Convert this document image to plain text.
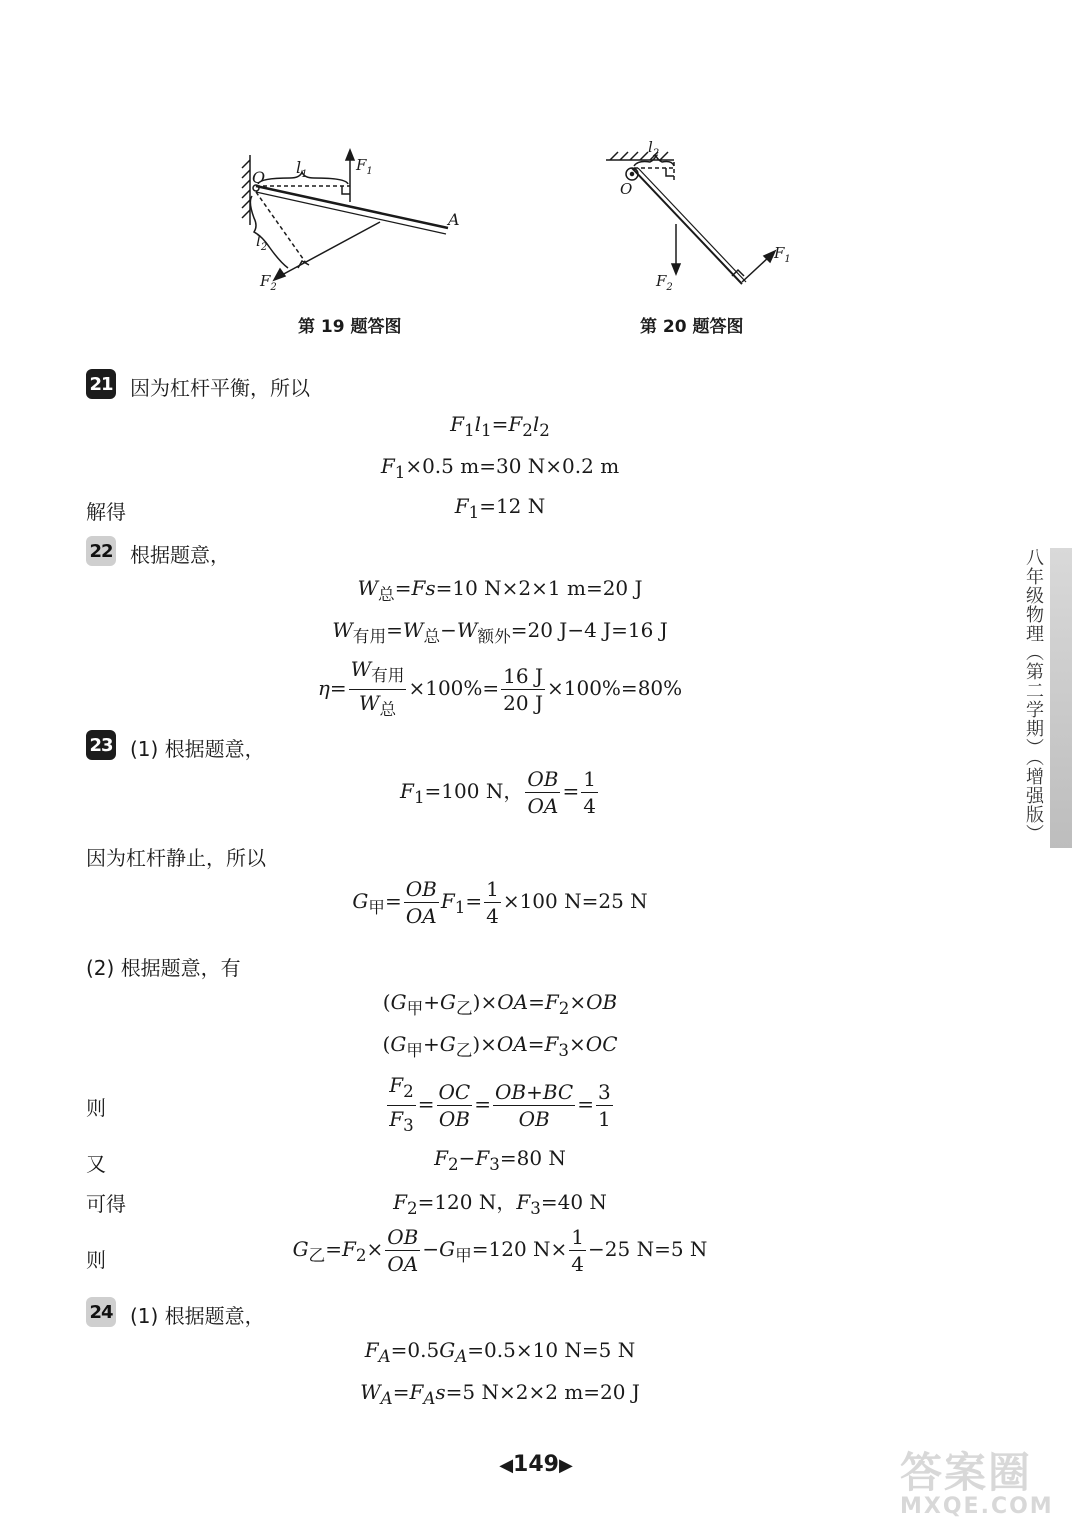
O
$l_1$
$F_1$
$l_2$
$F_2$
A
第 19 题答图
O
$l_2$
$F_2$
$F_1$
第 20 题答图
21 因为杠杆平衡，所以
$F_1l_1=F_2l_2$
$F_1\times 0.5$ m=30 N×0.2 m
解得	$F_1=12$ N
22 根据题意，
$W_总=Fs=10$ N×2×1 m=20 J
$W_{有用}=W_总-W_{额外}=20$ J−4 J=16 J
$\eta= \frac{W_{有用}}{W_总} \times 100\%= \frac{16 J}{20 J} \times 100\%=80\%$
23 (1) 根据题意，
$F_1=100$ N， $\frac{OB}{OA} = \frac{1}{4}$
因为杠杆静止，所以
$G_甲= \frac{OB}{OA} F_1= \frac{1}{4} \times 100$ N=25 N
(2) 根据题意，有
$(G_甲+G_乙)\times OA=F_2\times OB$
$(G_甲+G_乙)\times OA=F_3\times OC$
则	$\frac{F_2}{F_3} = \frac{OC}{OB} = \frac{OB+BC}{OB} = \frac{3}{1}$
又	$F_2-F_3=80$ N
可得	$F_2=120$ N，$F_3=40$ N
则	$G_乙=F_2\times \frac{OB}{OA} -G_甲=120$ $N\times \frac{1}{4} -25$ N=5 N
24 (1) 根据题意，
$F_A=0.5G_A=0.5\times 10$ N=5 N
$W_A=F_As=5$ N×2×2 m=20 J
八年级物理（第二学期）（增强版）
◀149▶	答案圈
MXQE.COM
